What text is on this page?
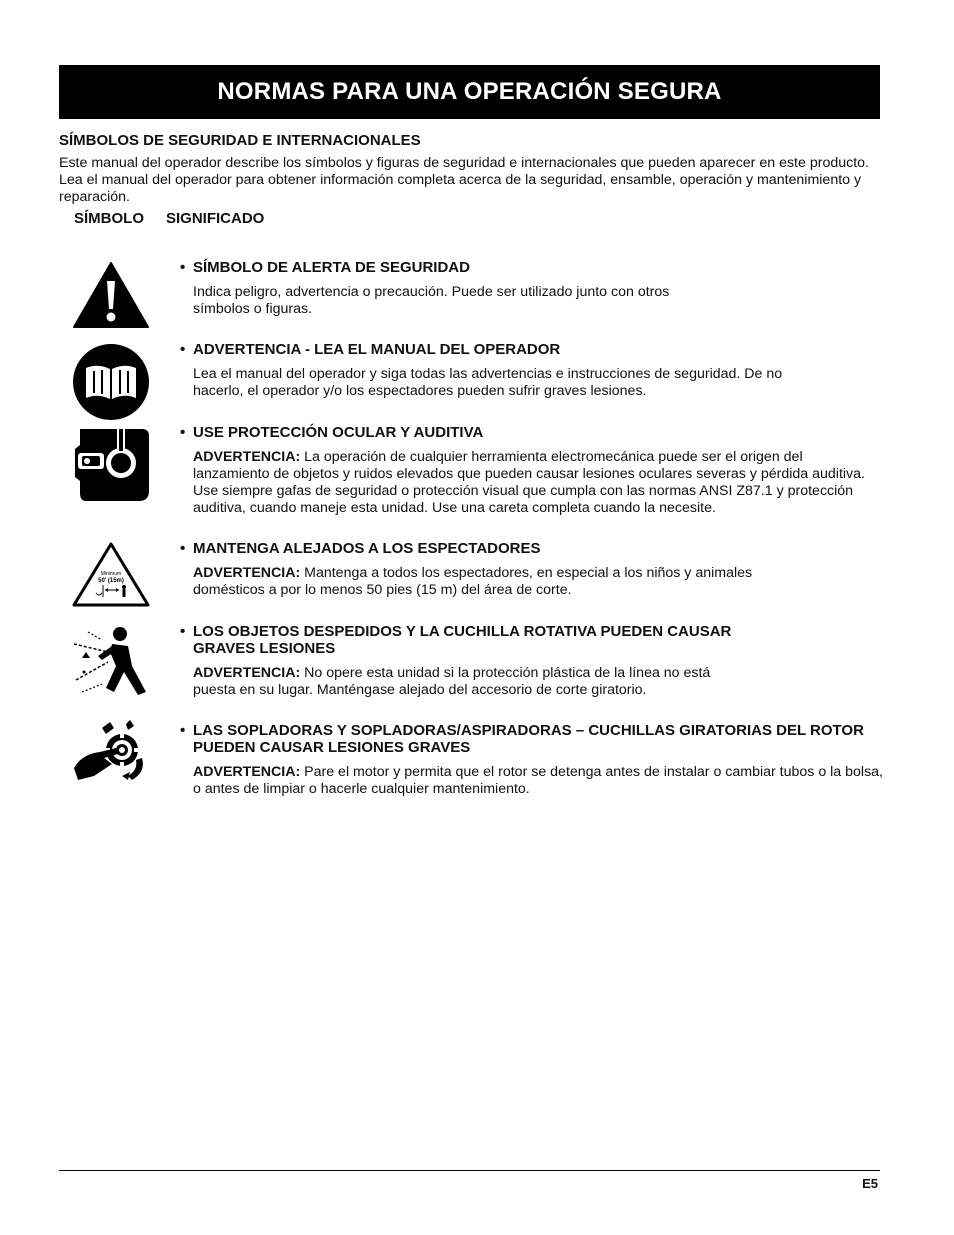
NORMAS PARA UNA OPERACIÓN SEGURA
SÍMBOLOS DE SEGURIDAD E INTERNACIONALES
Este manual del operador describe los símbolos y figuras de seguridad e internacionales que pueden aparecer en este producto. Lea el manual del operador para obtener información completa acerca de la seguridad, ensamble, operación y mantenimiento y reparación.
SÍMBOLO SIGNIFICADO
Minimum
50' (15m)
• SÍMBOLO DE ALERTA DE SEGURIDAD
Indica peligro, advertencia o precaución. Puede ser utilizado junto con otros símbolos o figuras.
• ADVERTENCIA - LEA EL MANUAL DEL OPERADOR
Lea el manual del operador y siga todas las advertencias e instrucciones de seguridad. De no hacerlo, el operador y/o los espectadores pueden sufrir graves lesiones.
• USE PROTECCIÓN OCULAR Y AUDITIVA
ADVERTENCIA: La operación de cualquier herramienta electromecánica puede ser el origen del lanzamiento de objetos y ruidos elevados que pueden causar lesiones oculares severas y pérdida auditiva. Use siempre gafas de seguridad o protección visual que cumpla con las normas ANSI Z87.1 y protección auditiva, cuando maneje esta unidad. Use una careta completa cuando la necesite.
• MANTENGA ALEJADOS A LOS ESPECTADORES
ADVERTENCIA: Mantenga a todos los espectadores, en especial a los niños y animales domésticos a por lo menos 50 pies (15 m) del área de corte.
• LOS OBJETOS DESPEDIDOS Y LA CUCHILLA ROTATIVA PUEDEN CAUSAR GRAVES LESIONES
ADVERTENCIA: No opere esta unidad si la protección plástica de la línea no está puesta en su lugar. Manténgase alejado del accesorio de corte giratorio.
• LAS SOPLADORAS Y SOPLADORAS/ASPIRADORAS – CUCHILLAS GIRATORIAS DEL ROTOR PUEDEN CAUSAR LESIONES GRAVES
ADVERTENCIA: Pare el motor y permita que el rotor se detenga antes de instalar o cambiar tubos o la bolsa, o antes de limpiar o hacerle cualquier mantenimiento.
E5
